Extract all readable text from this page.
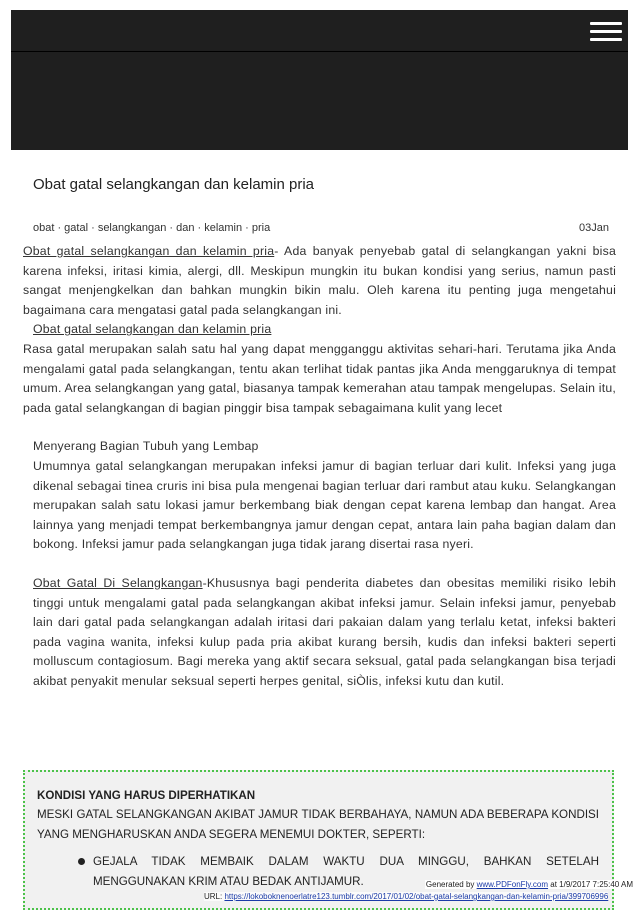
Obat gatal selangkangan dan kelamin pria
obat · gatal · selangkangan · dan · kelamin · pria	03Jan

Obat gatal selangkangan dan kelamin pria- Ada banyak penyebab gatal di selangkangan yakni bisa karena infeksi, iritasi kimia, alergi, dll. Meskipun mungkin itu bukan kondisi yang serius, namun pasti sangat menjengkelkan dan bahkan mungkin bikin malu. Oleh karena itu penting juga mengetahui bagaimana cara mengatasi gatal pada selangkangan ini.

Obat gatal selangkangan dan kelamin pria

Rasa gatal merupakan salah satu hal yang dapat mengganggu aktivitas sehari-hari. Terutama jika Anda mengalami gatal pada selangkangan, tentu akan terlihat tidak pantas jika Anda menggaruknya di tempat umum. Area selangkangan yang gatal, biasanya tampak kemerahan atau tampak mengelupas. Selain itu, pada gatal selangkangan di bagian pinggir bisa tampak sebagaimana kulit yang lecet

Menyerang Bagian Tubuh yang Lembap

Umumnya gatal selangkangan merupakan infeksi jamur di bagian terluar dari kulit. Infeksi yang juga dikenal sebagai tinea cruris ini bisa pula mengenai bagian terluar dari rambut atau kuku. Selangkangan merupakan salah satu lokasi jamur berkembang biak dengan cepat karena lembap dan hangat. Area lainnya yang menjadi tempat berkembangnya jamur dengan cepat, antara lain paha bagian dalam dan bokong. Infeksi jamur pada selangkangan juga tidak jarang disertai rasa nyeri.

Obat Gatal Di Selangkangan-Khususnya bagi penderita diabetes dan obesitas memiliki risiko lebih tinggi untuk mengalami gatal pada selangkangan akibat infeksi jamur. Selain infeksi jamur, penyebab lain dari gatal pada selangkangan adalah iritasi dari pakaian dalam yang terlalu ketat, infeksi bakteri pada vagina wanita, infeksi kulup pada pria akibat kurang bersih, kudis dan infeksi bakteri seperti molluscum contagiosum. Bagi mereka yang aktif secara seksual, gatal pada selangkangan bisa terjadi akibat penyakit menular seksual seperti herpes genital, siÒlis, infeksi kutu dan kutil.

KONDISI YANG HARUS DIPERHATIKAN
MESKI GATAL SELANGKANGAN AKIBAT JAMUR TIDAK BERBAHAYA, NAMUN ADA BEBERAPA KONDISI YANG MENGHARUSKAN ANDA SEGERA MENEMUI DOKTER, SEPERTI:
GEJALA TIDAK MEMBAIK DALAM WAKTU DUA MINGGU, BAHKAN SETELAH MENGGUNAKAN KRIM ATAU BEDAK ANTIJAMUR.
URL: https://lokoboknenoerlatre123.tumblr.com/2017/01/02/obat-gatal-selangkangan-dan-kelamin-pria/399706996
Generated by www.PDFonFly.com at 1/9/2017 7:25:40 AM
